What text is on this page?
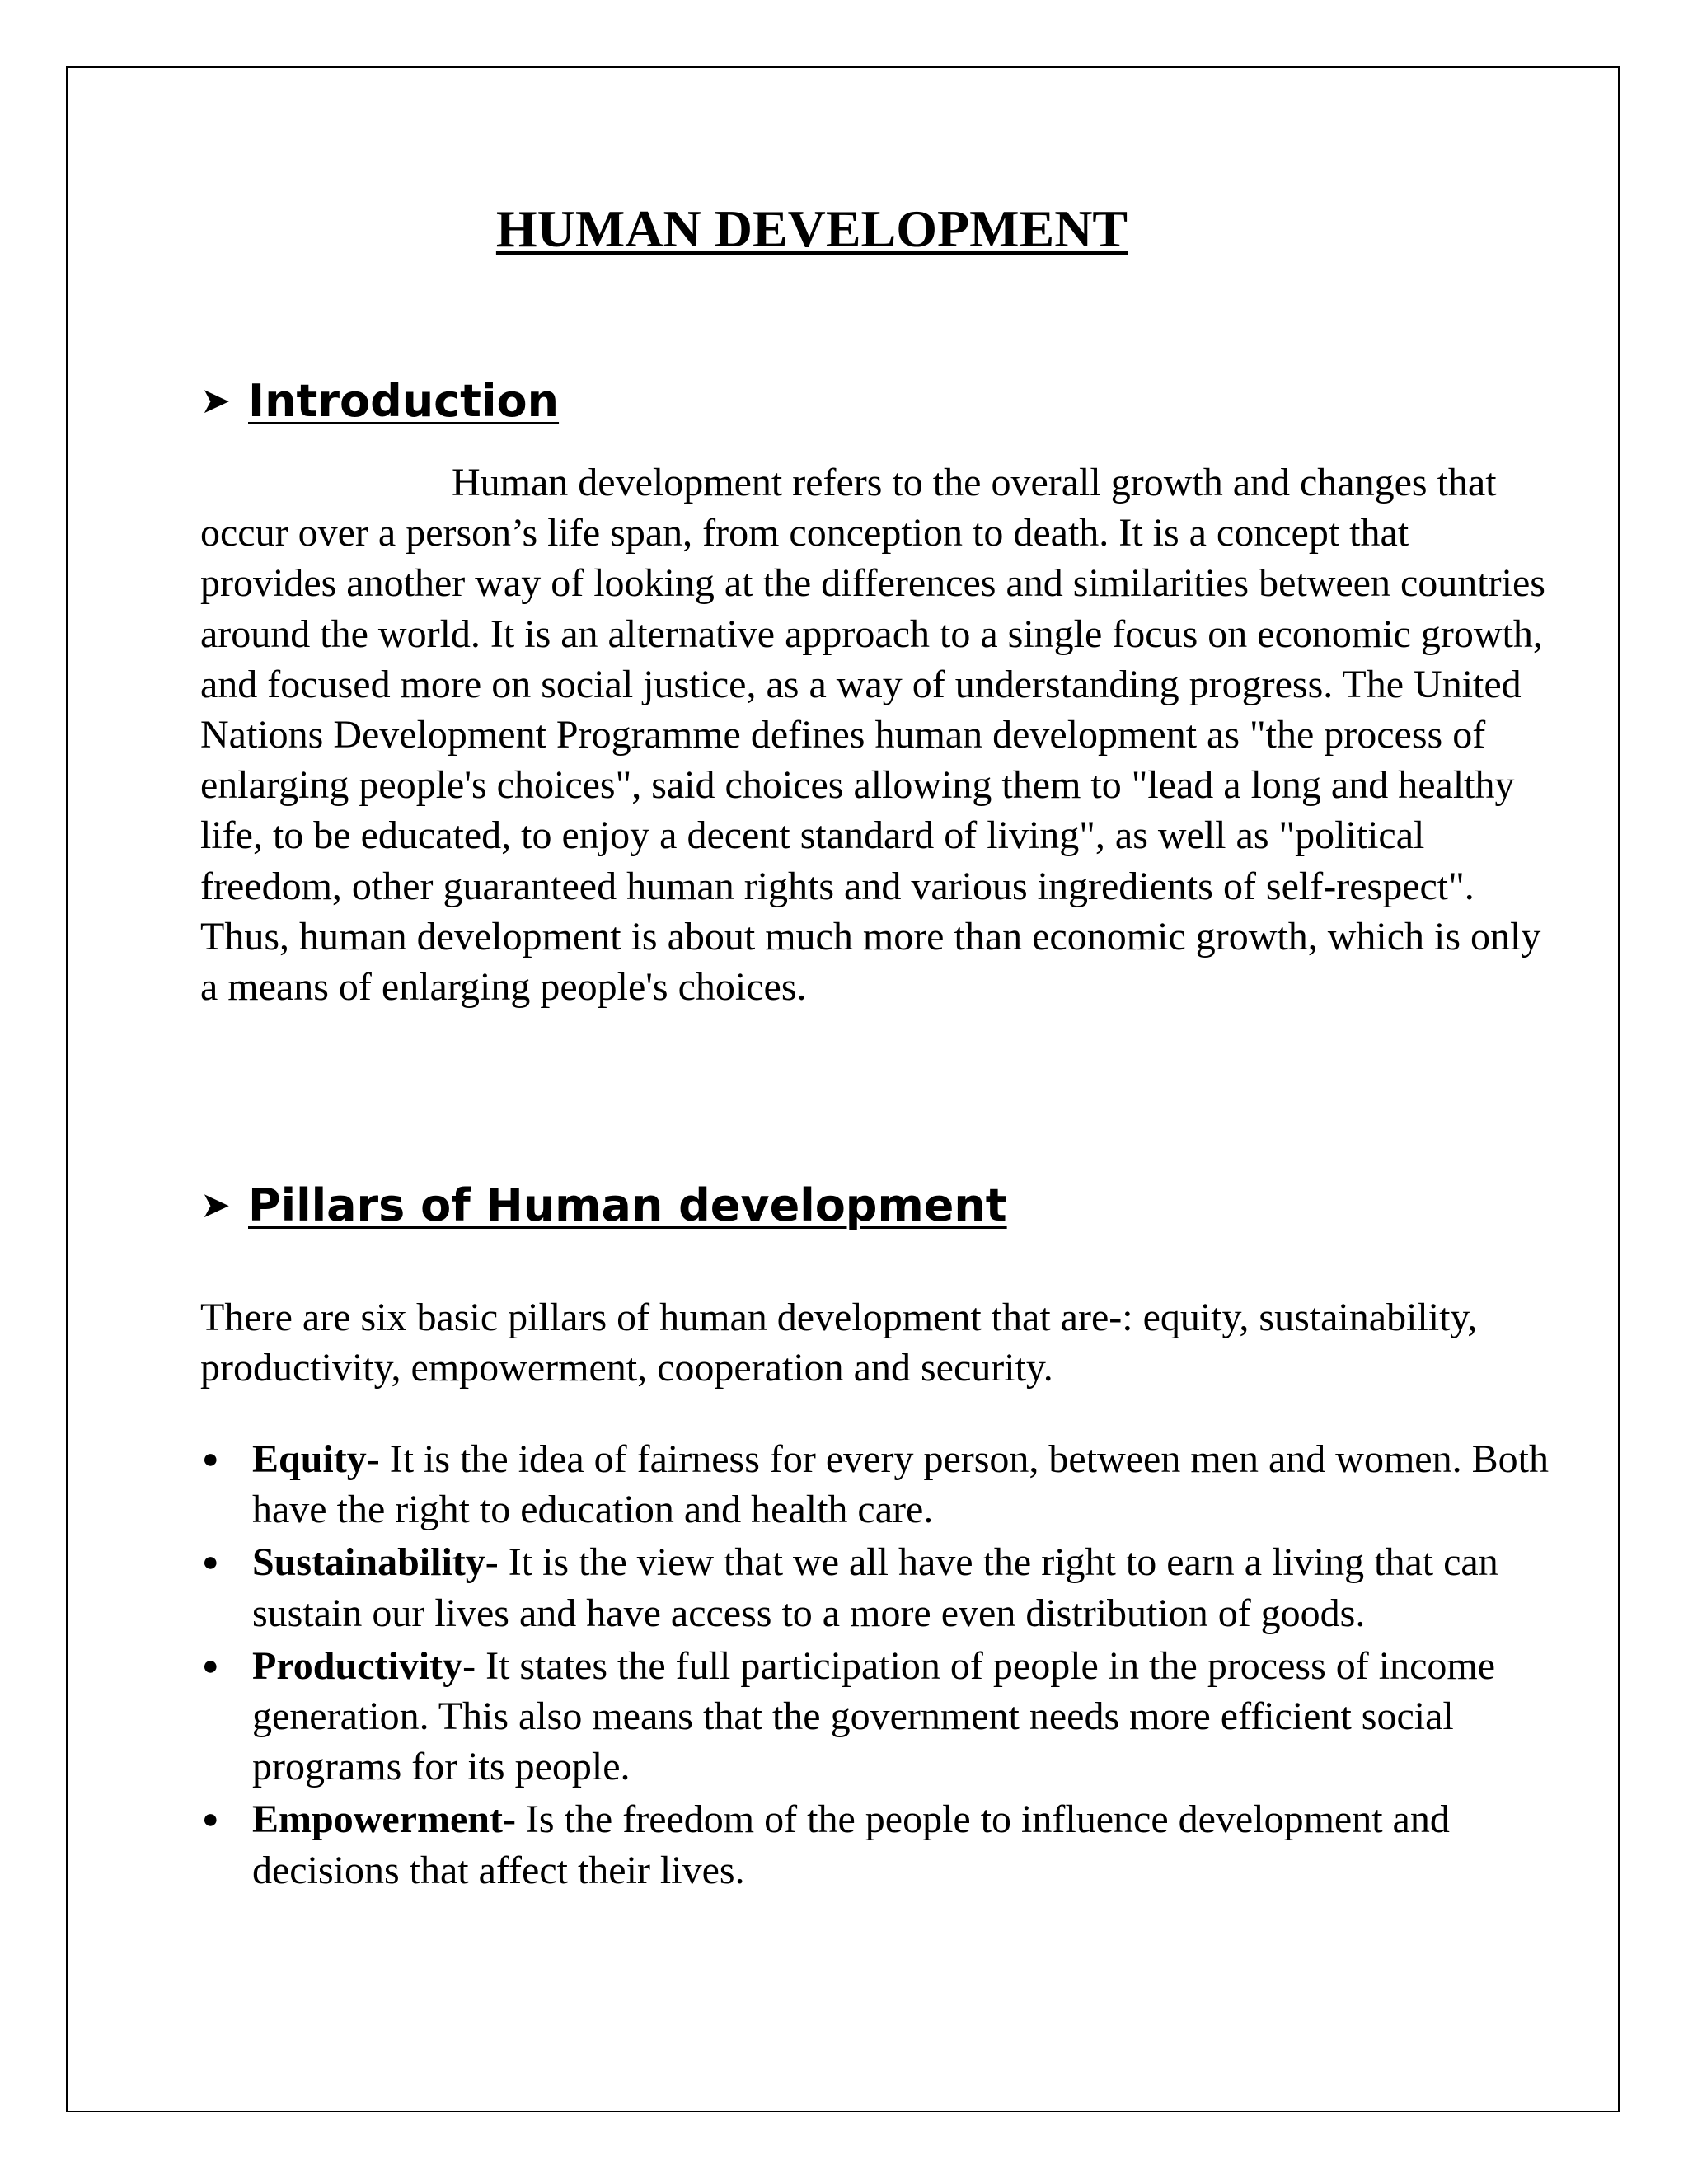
HUMAN DEVELOPMENT
➤ Introduction

Human development refers to the overall growth and changes that occur over a person’s life span, from conception to death. It is a concept that provides another way of looking at the differences and similarities between countries around the world. It is an alternative approach to a single focus on economic growth, and focused more on social justice, as a way of understanding progress. The United Nations Development Programme defines human development as "the process of enlarging people's choices", said choices allowing them to "lead a long and healthy life, to be educated, to enjoy a decent standard of living", as well as "political freedom, other guaranteed human rights and various ingredients of self-respect". Thus, human development is about much more than economic growth, which is only a means of enlarging people's choices.

➤ Pillars of Human development

There are six basic pillars of human development that are-: equity, sustainability, productivity, empowerment, cooperation and security.

● Equity- It is the idea of fairness for every person, between men and women. Both have the right to education and health care.
● Sustainability- It is the view that we all have the right to earn a living that can sustain our lives and have access to a more even distribution of goods.
● Productivity- It states the full participation of people in the process of income generation. This also means that the government needs more efficient social programs for its people.
● Empowerment- Is the freedom of the people to influence development and decisions that affect their lives.
